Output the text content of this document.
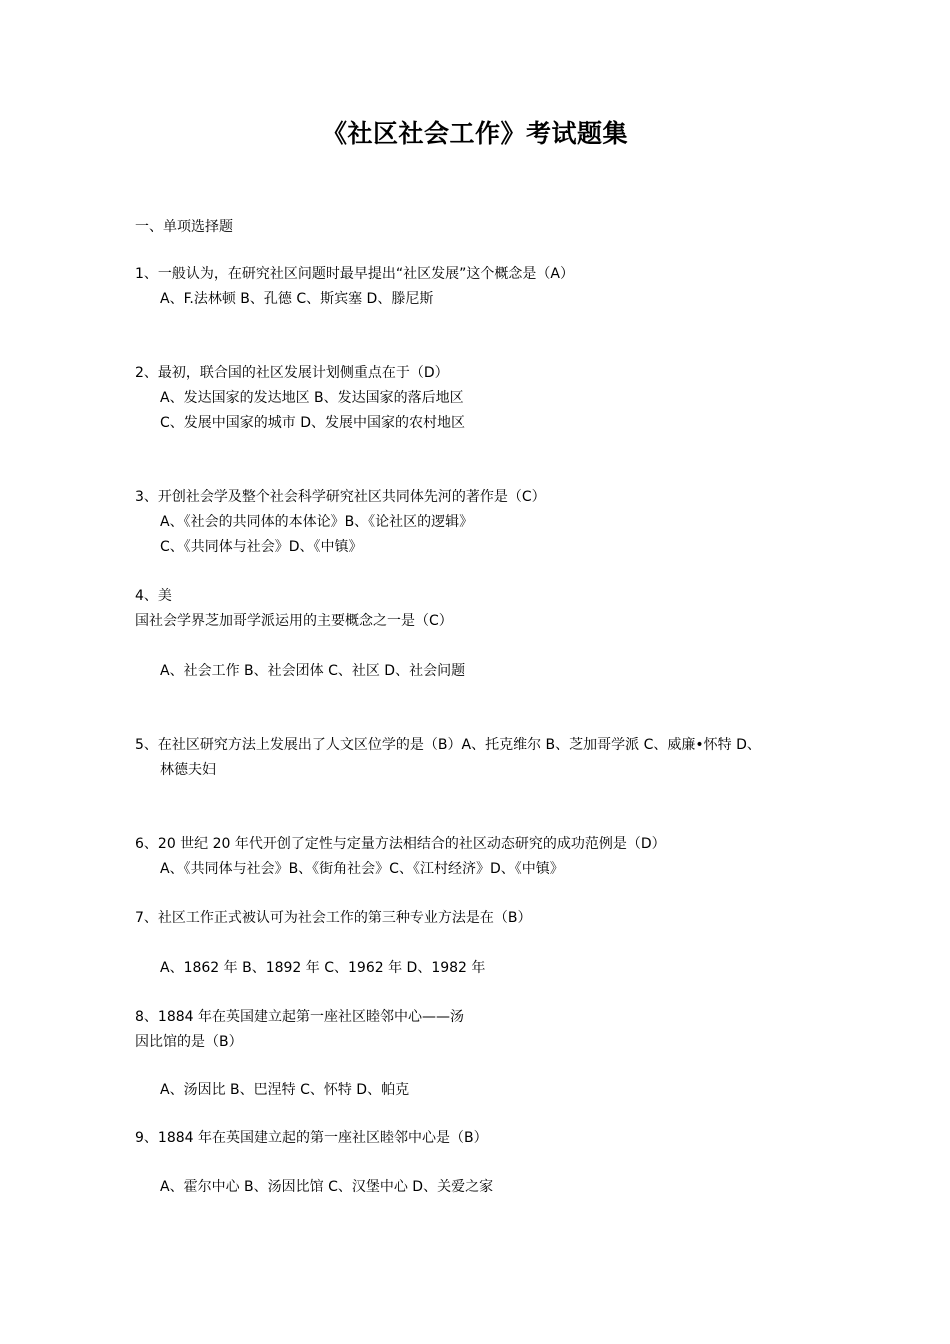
《社区社会工作》考试题集
一、单项选择题
1、一般认为，在研究社区问题时最早提出“社区发展”这个概念是（A）
A、F.法林顿 B、孔德 C、斯宾塞 D、滕尼斯
2、最初，联合国的社区发展计划侧重点在于（D）
A、发达国家的发达地区 B、发达国家的落后地区
C、发展中国家的城市 D、发展中国家的农村地区
3、开创社会学及整个社会科学研究社区共同体先河的著作是（C）
A、《社会的共同体的本体论》B、《论社区的逻辑》
C、《共同体与社会》D、《中镇》
4、美
国社会学界芝加哥学派运用的主要概念之一是（C）
A、社会工作 B、社会团体 C、社区 D、社会问题
5、在社区研究方法上发展出了人文区位学的是（B）A、托克维尔 B、芝加哥学派 C、威廉•怀特 D、
林德夫妇
6、20 世纪 20 年代开创了定性与定量方法相结合的社区动态研究的成功范例是（D）
A、《共同体与社会》B、《街角社会》C、《江村经济》D、《中镇》
7、社区工作正式被认可为社会工作的第三种专业方法是在（B）
A、1862 年 B、1892 年 C、1962 年 D、1982 年
8、1884 年在英国建立起第一座社区睦邻中心——汤
因比馆的是（B）
A、汤因比 B、巴涅特 C、怀特 D、帕克
9、1884 年在英国建立起的第一座社区睦邻中心是（B）
A、霍尔中心 B、汤因比馆 C、汉堡中心 D、关爱之家
